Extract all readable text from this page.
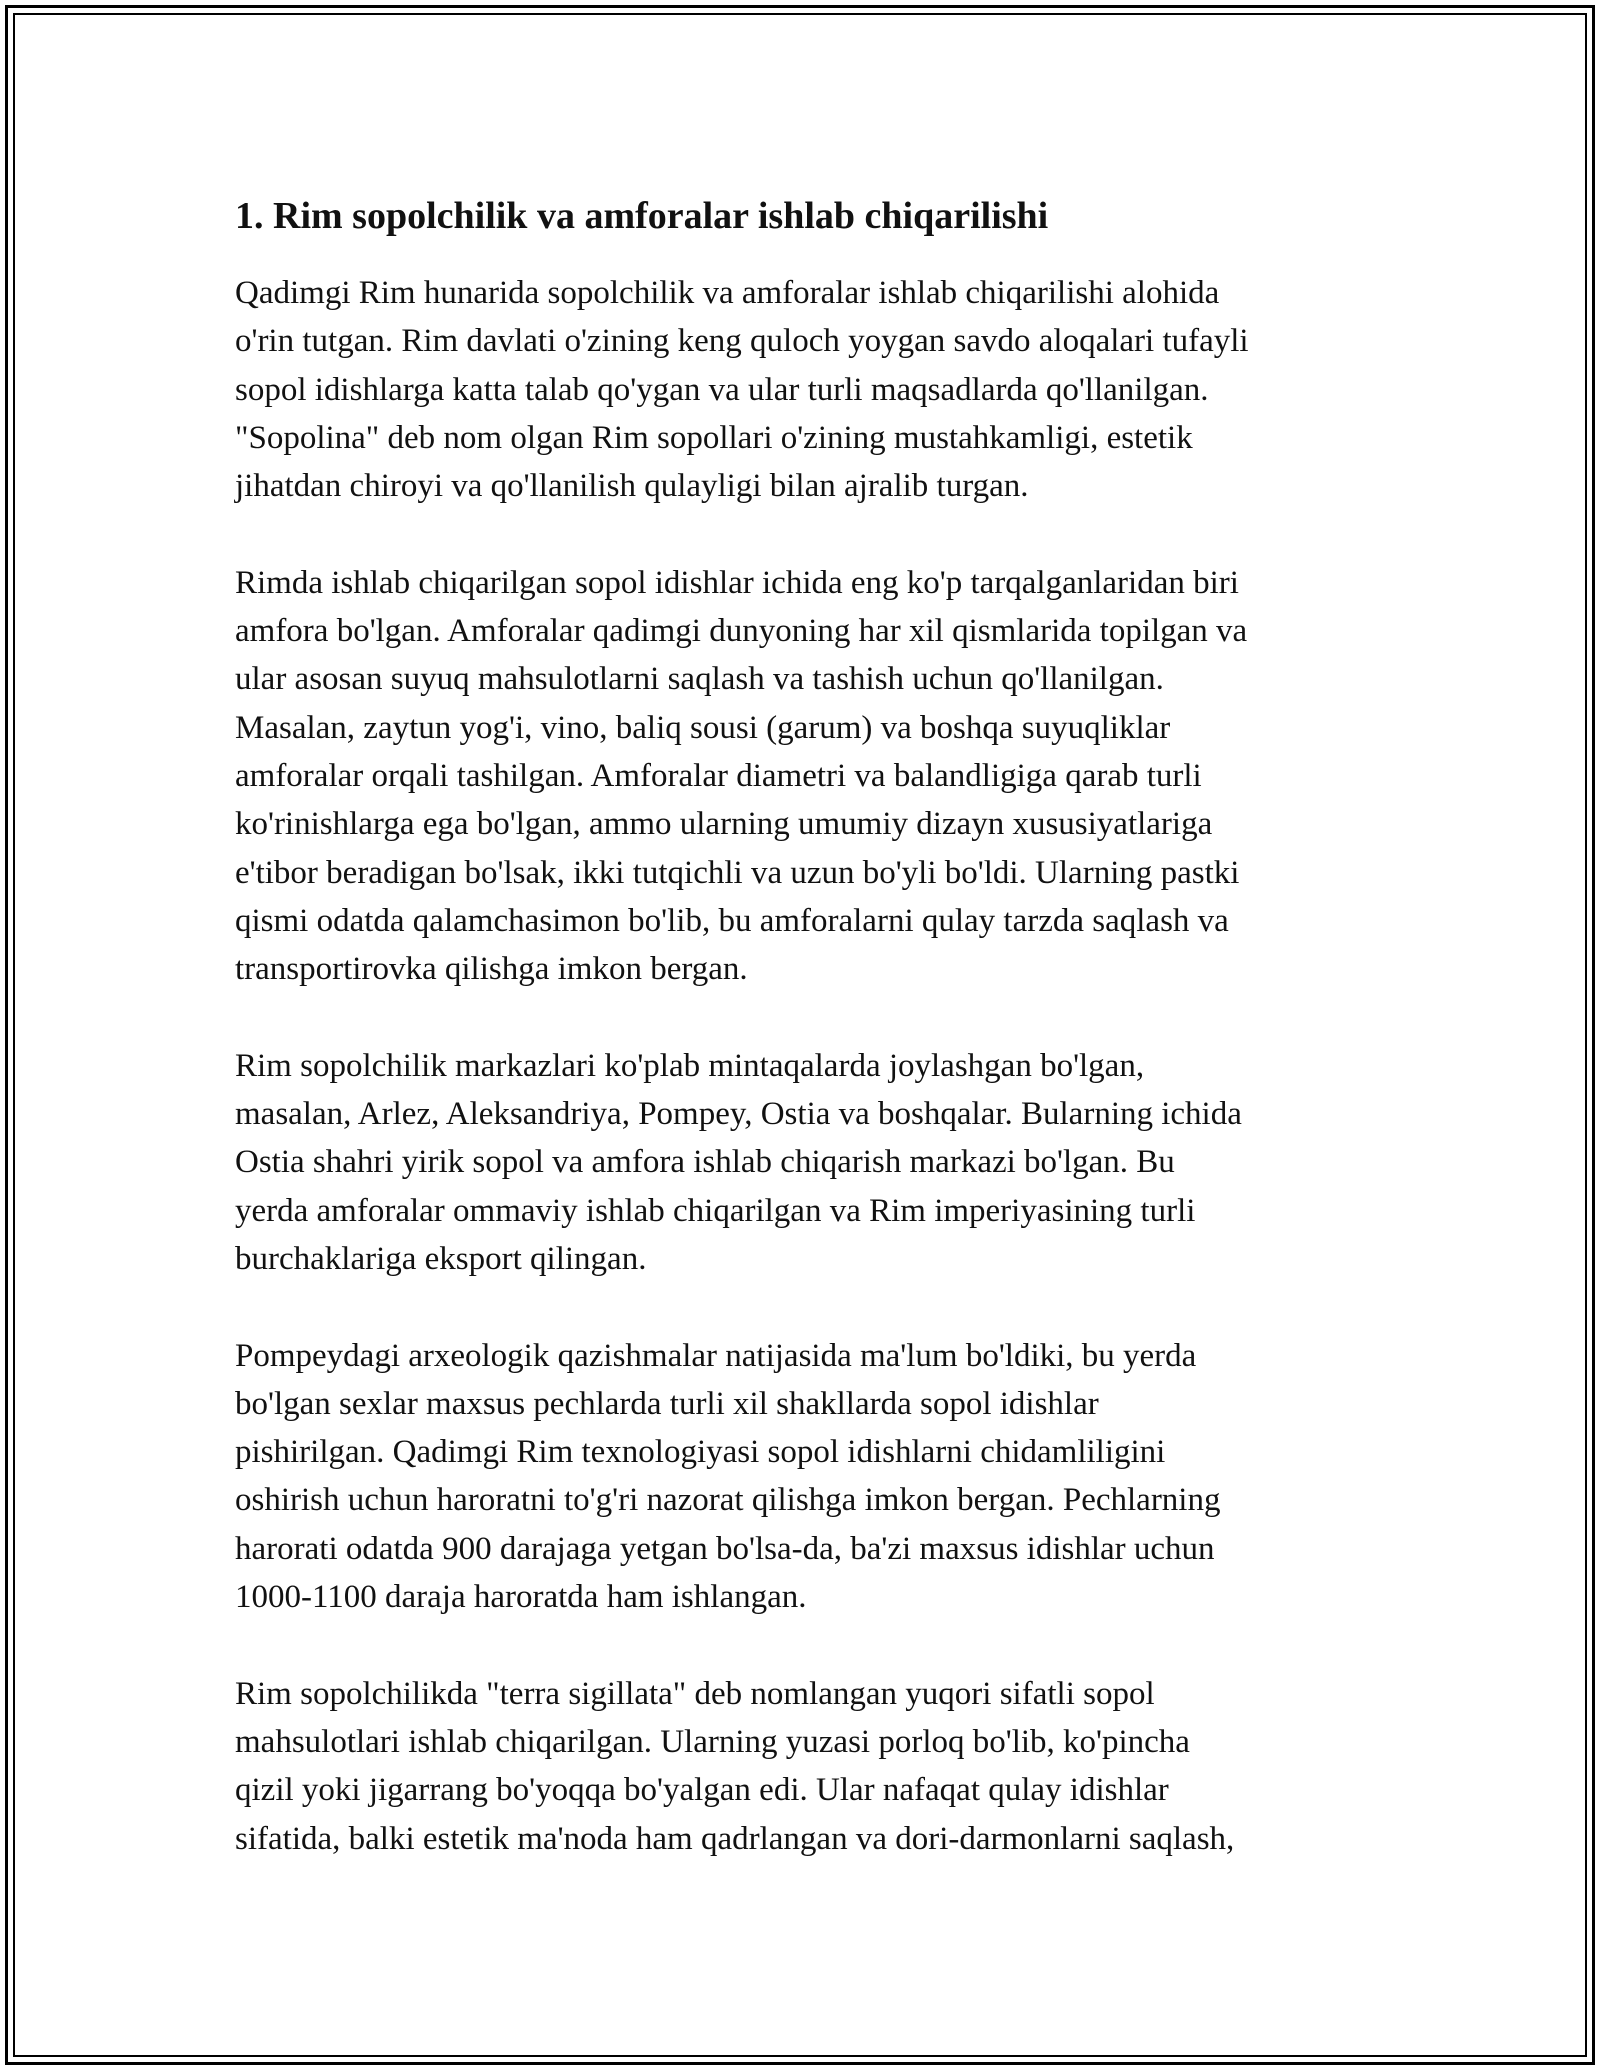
1. Rim sopolchilik va amforalar ishlab chiqarilishi
Qadimgi Rim hunarida sopolchilik va amforalar ishlab chiqarilishi alohida
o'rin tutgan. Rim davlati o'zining keng quloch yoygan savdo aloqalari tufayli
sopol idishlarga katta talab qo'ygan va ular turli maqsadlarda qo'llanilgan.
"Sopolina" deb nom olgan Rim sopollari o'zining mustahkamligi, estetik
jihatdan chiroyi va qo'llanilish qulayligi bilan ajralib turgan.
Rimda ishlab chiqarilgan sopol idishlar ichida eng ko'p tarqalganlaridan biri
amfora bo'lgan. Amforalar qadimgi dunyoning har xil qismlarida topilgan va
ular asosan suyuq mahsulotlarni saqlash va tashish uchun qo'llanilgan.
Masalan, zaytun yog'i, vino, baliq sousi (garum) va boshqa suyuqliklar
amforalar orqali tashilgan. Amforalar diametri va balandligiga qarab turli
ko'rinishlarga ega bo'lgan, ammo ularning umumiy dizayn xususiyatlariga
e'tibor beradigan bo'lsak, ikki tutqichli va uzun bo'yli bo'ldi. Ularning pastki
qismi odatda qalamchasimon bo'lib, bu amforalarni qulay tarzda saqlash va
transportirovka qilishga imkon bergan.
Rim sopolchilik markazlari ko'plab mintaqalarda joylashgan bo'lgan,
masalan, Arlez, Aleksandriya, Pompey, Ostia va boshqalar. Bularning ichida
Ostia shahri yirik sopol va amfora ishlab chiqarish markazi bo'lgan. Bu
yerda amforalar ommaviy ishlab chiqarilgan va Rim imperiyasining turli
burchaklariga eksport qilingan.
Pompeydagi arxeologik qazishmalar natijasida ma'lum bo'ldiki, bu yerda
bo'lgan sexlar maxsus pechlarda turli xil shakllarda sopol idishlar
pishirilgan. Qadimgi Rim texnologiyasi sopol idishlarni chidamliligini
oshirish uchun haroratni to'g'ri nazorat qilishga imkon bergan. Pechlarning
harorati odatda 900 darajaga yetgan bo'lsa-da, ba'zi maxsus idishlar uchun
1000-1100 daraja haroratda ham ishlangan.
Rim sopolchilikda "terra sigillata" deb nomlangan yuqori sifatli sopol
mahsulotlari ishlab chiqarilgan. Ularning yuzasi porloq bo'lib, ko'pincha
qizil yoki jigarrang bo'yoqqa bo'yalgan edi. Ular nafaqat qulay idishlar
sifatida, balki estetik ma'noda ham qadrlangan va dori-darmonlarni saqlash,
